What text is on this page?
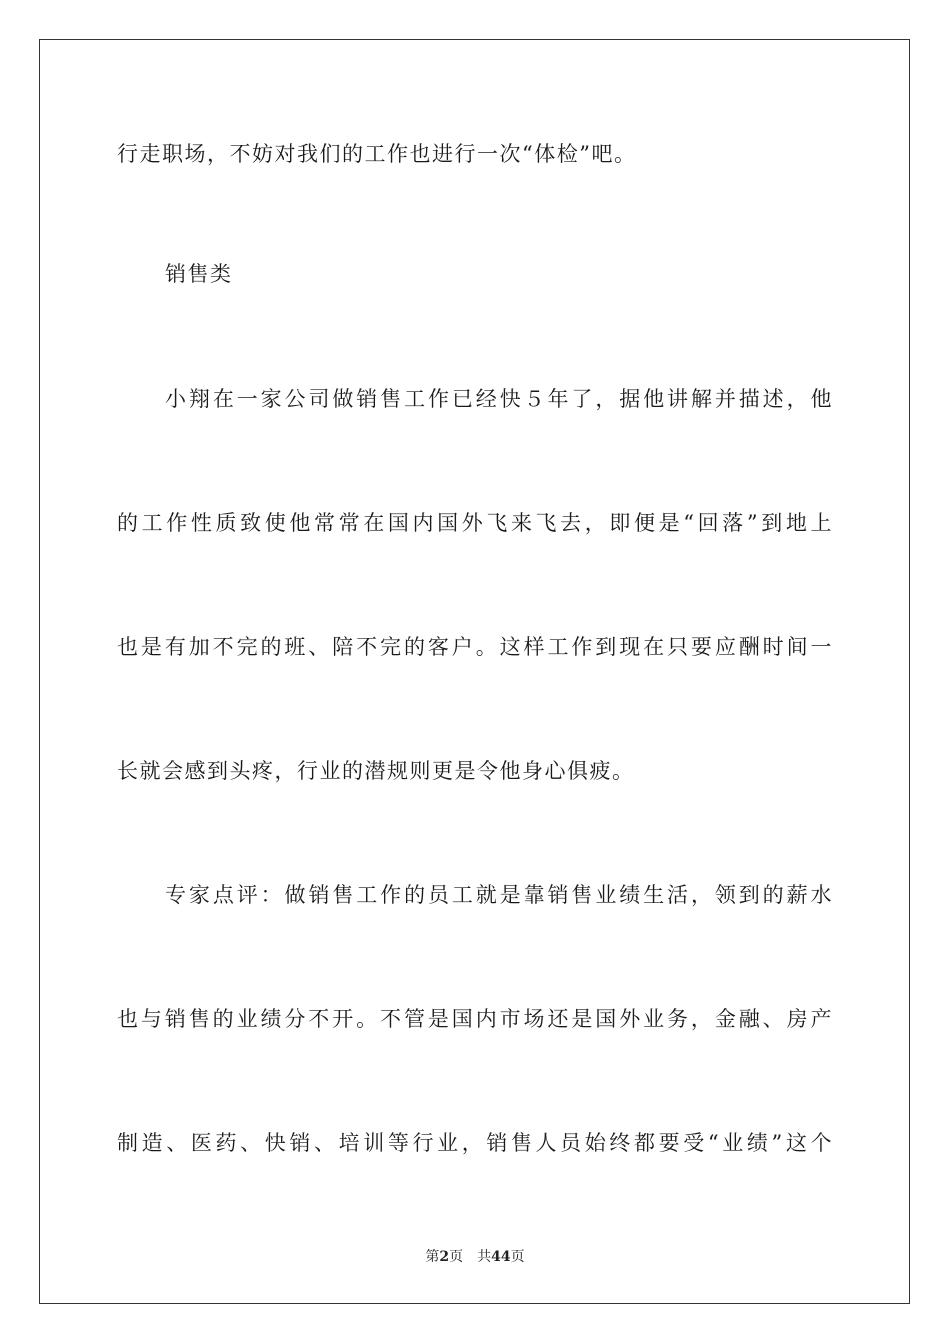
行走职场，不妨对我们的工作也进行一次“体检”吧。
销售类
小翔在一家公司做销售工作已经快５年了，据他讲解并描述，他
的工作性质致使他常常在国内国外飞来飞去，即便是“回落”到地上
也是有加不完的班、陪不完的客户。这样工作到现在只要应酬时间一
长就会感到头疼，行业的潜规则更是令他身心俱疲。
专家点评：做销售工作的员工就是靠销售业绩生活，领到的薪水
也与销售的业绩分不开。不管是国内市场还是国外业务，金融、房产
制造、医药、快销、培训等行业，销售人员始终都要受“业绩”这个
第2页 共44页
